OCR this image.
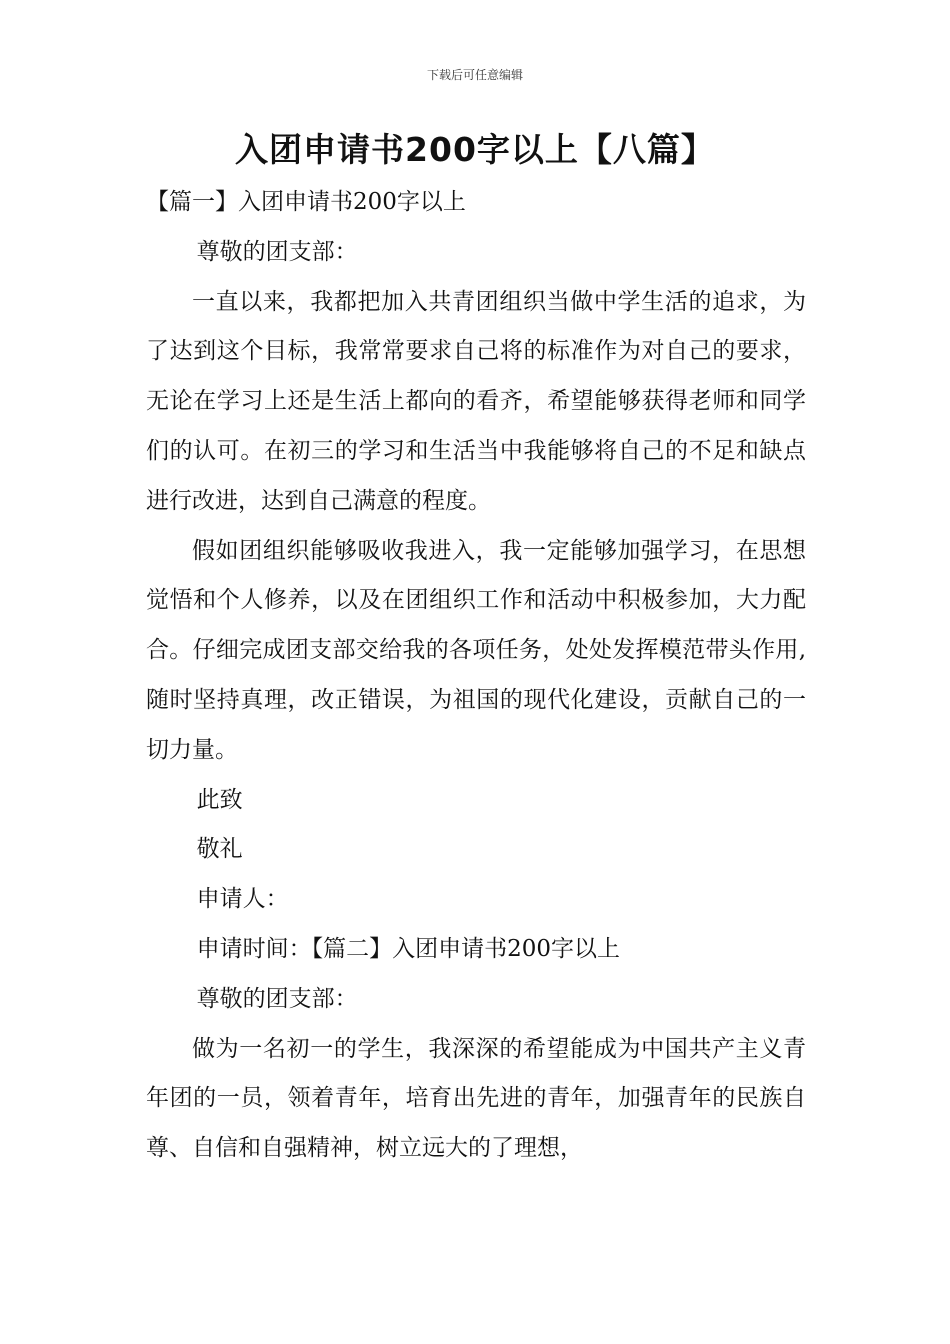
下载后可任意编辑
入团申请书200字以上【八篇】
【篇一】入团申请书200字以上
尊敬的团支部：

一直以来，我都把加入共青团组织当做中学生活的追求，为了达到这个目标，我常常要求自己将的标准作为对自己的要求，无论在学习上还是生活上都向的看齐，希望能够获得老师和同学们的认可。在初三的学习和生活当中我能够将自己的不足和缺点进行改进，达到自己满意的程度。

假如团组织能够吸收我进入，我一定能够加强学习，在思想觉悟和个人修养，以及在团组织工作和活动中积极参加，大力配合。仔细完成团支部交给我的各项任务，处处发挥模范带头作用,随时坚持真理，改正错误，为祖国的现代化建设，贡献自己的一切力量。

此致
敬礼
申请人：
申请时间：【篇二】入团申请书200字以上
尊敬的团支部：

做为一名初一的学生，我深深的希望能成为中国共产主义青年团的一员，领着青年，培育出先进的青年，加强青年的民族自尊、自信和自强精神，树立远大的了理想，
